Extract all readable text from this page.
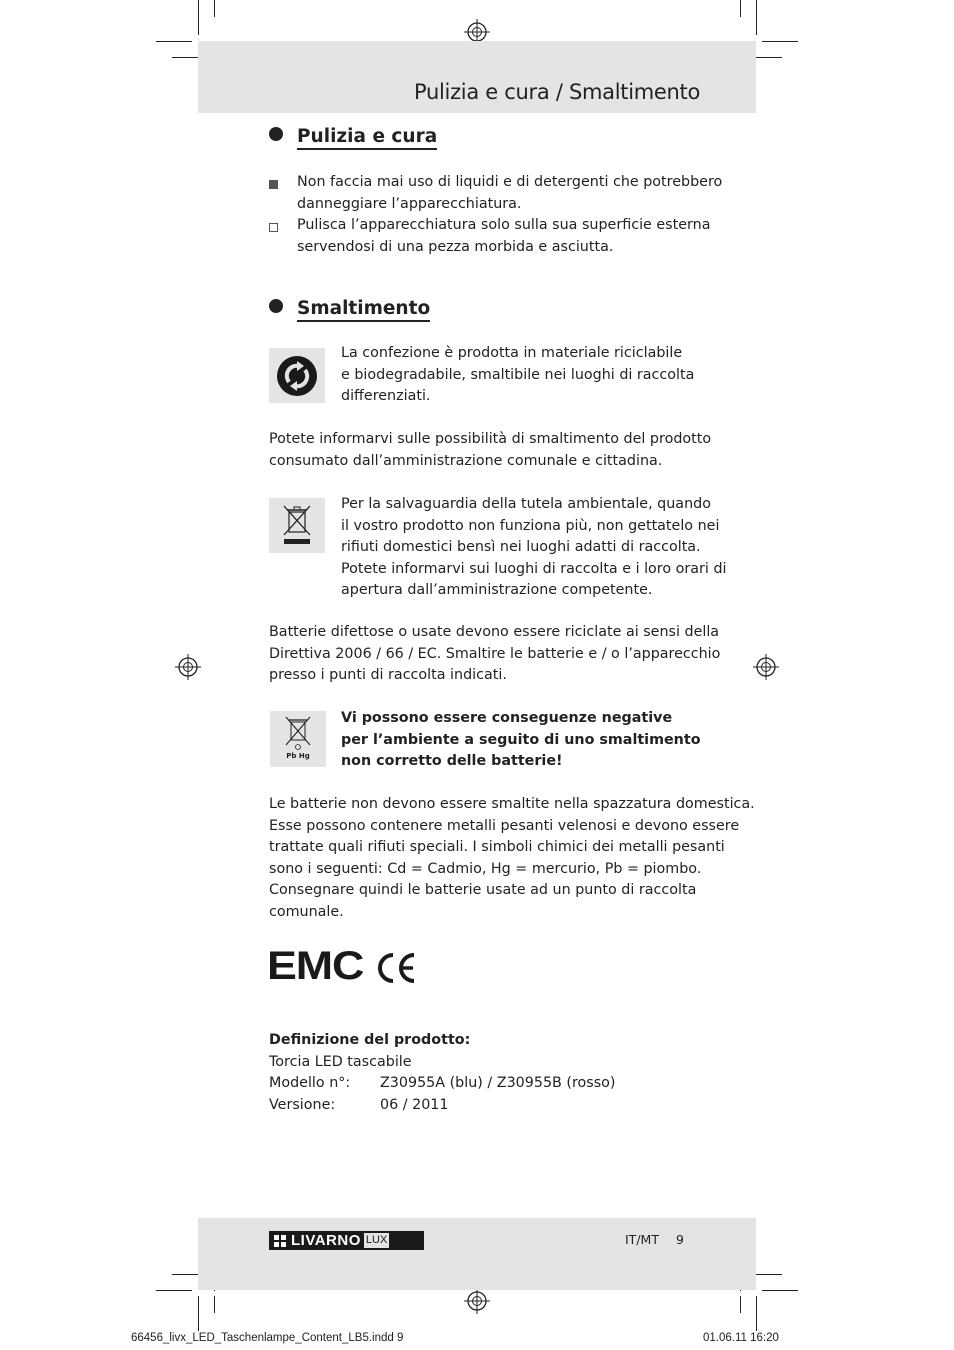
Pulizia e cura / Smaltimento
Pulizia e cura
Non faccia mai uso di liquidi e di detergenti che potrebbero
danneggiare l’apparecchiatura.
Pulisca l’apparecchiatura solo sulla sua superficie esterna
servendosi di una pezza morbida e asciutta.
Smaltimento
La confezione è prodotta in materiale riciclabile
e biodegradabile, smaltibile nei luoghi di raccolta
differenziati.
Potete informarvi sulle possibilità di smaltimento del prodotto
consumato dall’amministrazione comunale e cittadina.
Per la salvaguardia della tutela ambientale, quando
il vostro prodotto non funziona più, non gettatelo nei
rifiuti domestici bensì nei luoghi adatti di raccolta.
Potete informarvi sui luoghi di raccolta e i loro orari di
apertura dall’amministrazione competente.
Batterie difettose o usate devono essere riciclate ai sensi della
Direttiva 2006 / 66 / EC. Smaltire le batterie e / o l’apparecchio
presso i punti di raccolta indicati.
Pb Hg
Vi possono essere conseguenze negative
per l’ambiente a seguito di uno smaltimento
non corretto delle batterie!
Le batterie non devono essere smaltite nella spazzatura domestica.
Esse possono contenere metalli pesanti velenosi e devono essere
trattate quali rifiuti speciali. I simboli chimici dei metalli pesanti
sono i seguenti: Cd = Cadmio, Hg = mercurio, Pb = piombo.
Consegnare quindi le batterie usate ad un punto di raccolta
comunale.
EMC
Definizione del prodotto:
Torcia LED tascabile
Modello n°: Z30955A (blu) / Z30955B (rosso)
Versione:	06 / 2011
LIVARNO LUX	IT/MT 9
66456_livx_LED_Taschenlampe_Content_LB5.indd 9	01.06.11 16:20
